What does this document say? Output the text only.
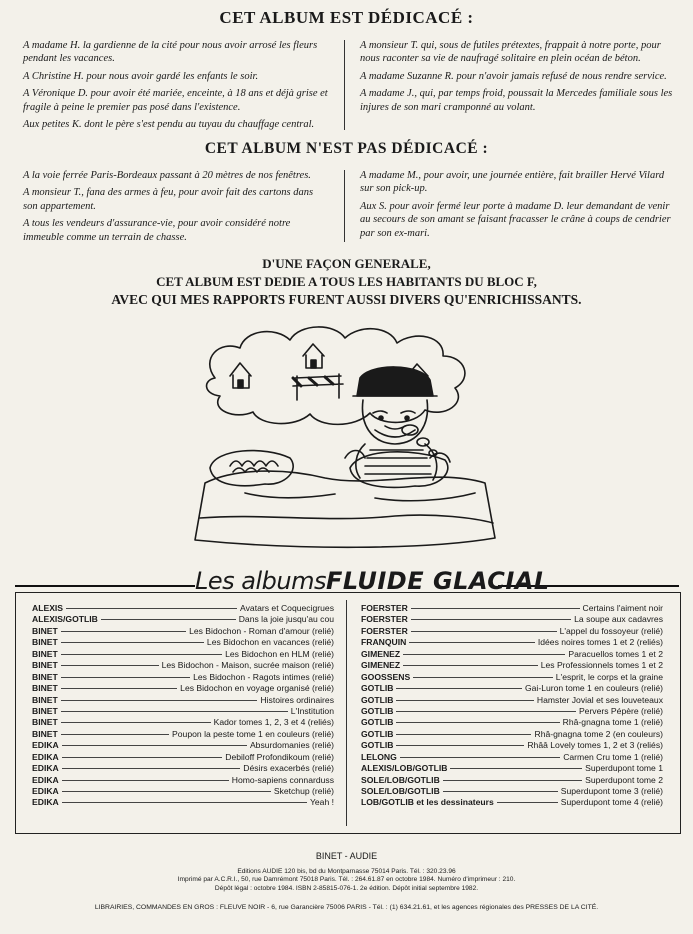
CET ALBUM EST DÉDICACÉ :

A madame H. la gardienne de la cité pour nous avoir arrosé les fleurs pendant les vacances.

A Christine H. pour nous avoir gardé les enfants le soir.

A Véronique D. pour avoir été mariée, enceinte, à 18 ans et déjà grise et fragile à peine le premier pas posé dans l'existence.

Aux petites K. dont le père s'est pendu au tuyau du chauffage central.

A monsieur T. qui, sous de futiles prétextes, frappait à notre porte, pour nous raconter sa vie de naufragé solitaire en plein océan de béton.

A madame Suzanne R. pour n'avoir jamais refusé de nous rendre service.

A madame J., qui, par temps froid, poussait la Mercedes familiale sous les injures de son mari cramponné au volant.

CET ALBUM N'EST PAS DÉDICACÉ :

A la voie ferrée Paris-Bordeaux passant à 20 mètres de nos fenêtres.

A monsieur T., fana des armes à feu, pour avoir fait des cartons dans son appartement.

A tous les vendeurs d'assurance-vie, pour avoir considéré notre immeuble comme un terrain de chasse.

A madame M., pour avoir, une journée entière, fait brailler Hervé Vilard sur son pick-up.

Aux S. pour avoir fermé leur porte à madame D. leur demandant de venir au secours de son amant se faisant fracasser le crâne à coups de cendrier par son ex-mari.

D'UNE FAÇON GENERALE,
CET ALBUM EST DEDIE A TOUS LES HABITANTS DU BLOC F,
AVEC QUI MES RAPPORTS FURENT AUSSI DIVERS QU'ENRICHISSANTS.
Les albumsFLUIDE GLACIAL
ALEXIS	Avatars et Coquecigrues
ALEXIS/GOTLIB	Dans la joie jusqu'au cou
BINET	Les Bidochon - Roman d'amour (relié)
BINET	Les Bidochon en vacances (relié)
BINET	Les Bidochon en HLM (relié)
BINET	Les Bidochon - Maison, sucrée maison (relié)
BINET	Les Bidochon - Ragots intimes (relié)
BINET	Les Bidochon en voyage organisé (relié)
BINET	Histoires ordinaires
BINET	L'Institution
BINET	Kador tomes 1, 2, 3 et 4 (reliés)
BINET	Poupon la peste tome 1 en couleurs (relié)
EDIKA	Absurdomanies (relié)
EDIKA	Debiloff Profondikoum (relié)
EDIKA	Désirs exacerbés (relié)
EDIKA	Homo-sapiens connarduss
EDIKA	Sketchup (relié)
EDIKA	Yeah !
FOERSTER	Certains l'aiment noir
FOERSTER	La soupe aux cadavres
FOERSTER	L'appel du fossoyeur (relié)
FRANQUIN	Idées noires tomes 1 et 2 (reliés)
GIMENEZ	Paracuellos tomes 1 et 2
GIMENEZ	Les Professionnels tomes 1 et 2
GOOSSENS	L'esprit, le corps et la graine
GOTLIB	Gai-Luron tome 1 en couleurs (relié)
GOTLIB	Hamster Jovial et ses louveteaux
GOTLIB	Pervers Pépère (relié)
GOTLIB	Rhâ-gnagna tome 1 (relié)
GOTLIB	Rhâ-gnagna tome 2 (en couleurs)
GOTLIB	Rhââ Lovely tomes 1, 2 et 3 (reliés)
LELONG	Carmen Cru tome 1 (relié)
ALEXIS/LOB/GOTLIB	Superdupont tome 1
SOLE/LOB/GOTLIB	Superdupont tome 2
SOLE/LOB/GOTLIB	Superdupont tome 3 (relié)
LOB/GOTLIB et les dessinateurs	Superdupont tome 4 (relié)
BINET - AUDIE
Editions AUDIE 120 bis, bd du Montparnasse 75014 Paris. Tél. : 320.23.96
Imprimé par A.C.R.I., 50, rue Damrémont 75018 Paris. Tél. : 264.61.87 en octobre 1984. Numéro d'imprimeur : 210.
Dépôt légal : octobre 1984. ISBN 2-85815-076-1. 2e édition. Dépôt initial septembre 1982.
LIBRAIRIES, COMMANDES EN GROS : FLEUVE NOIR - 6, rue Garancière 75006 PARIS - Tél. : (1) 634.21.61, et les agences régionales des PRESSES DE LA CITÉ.
